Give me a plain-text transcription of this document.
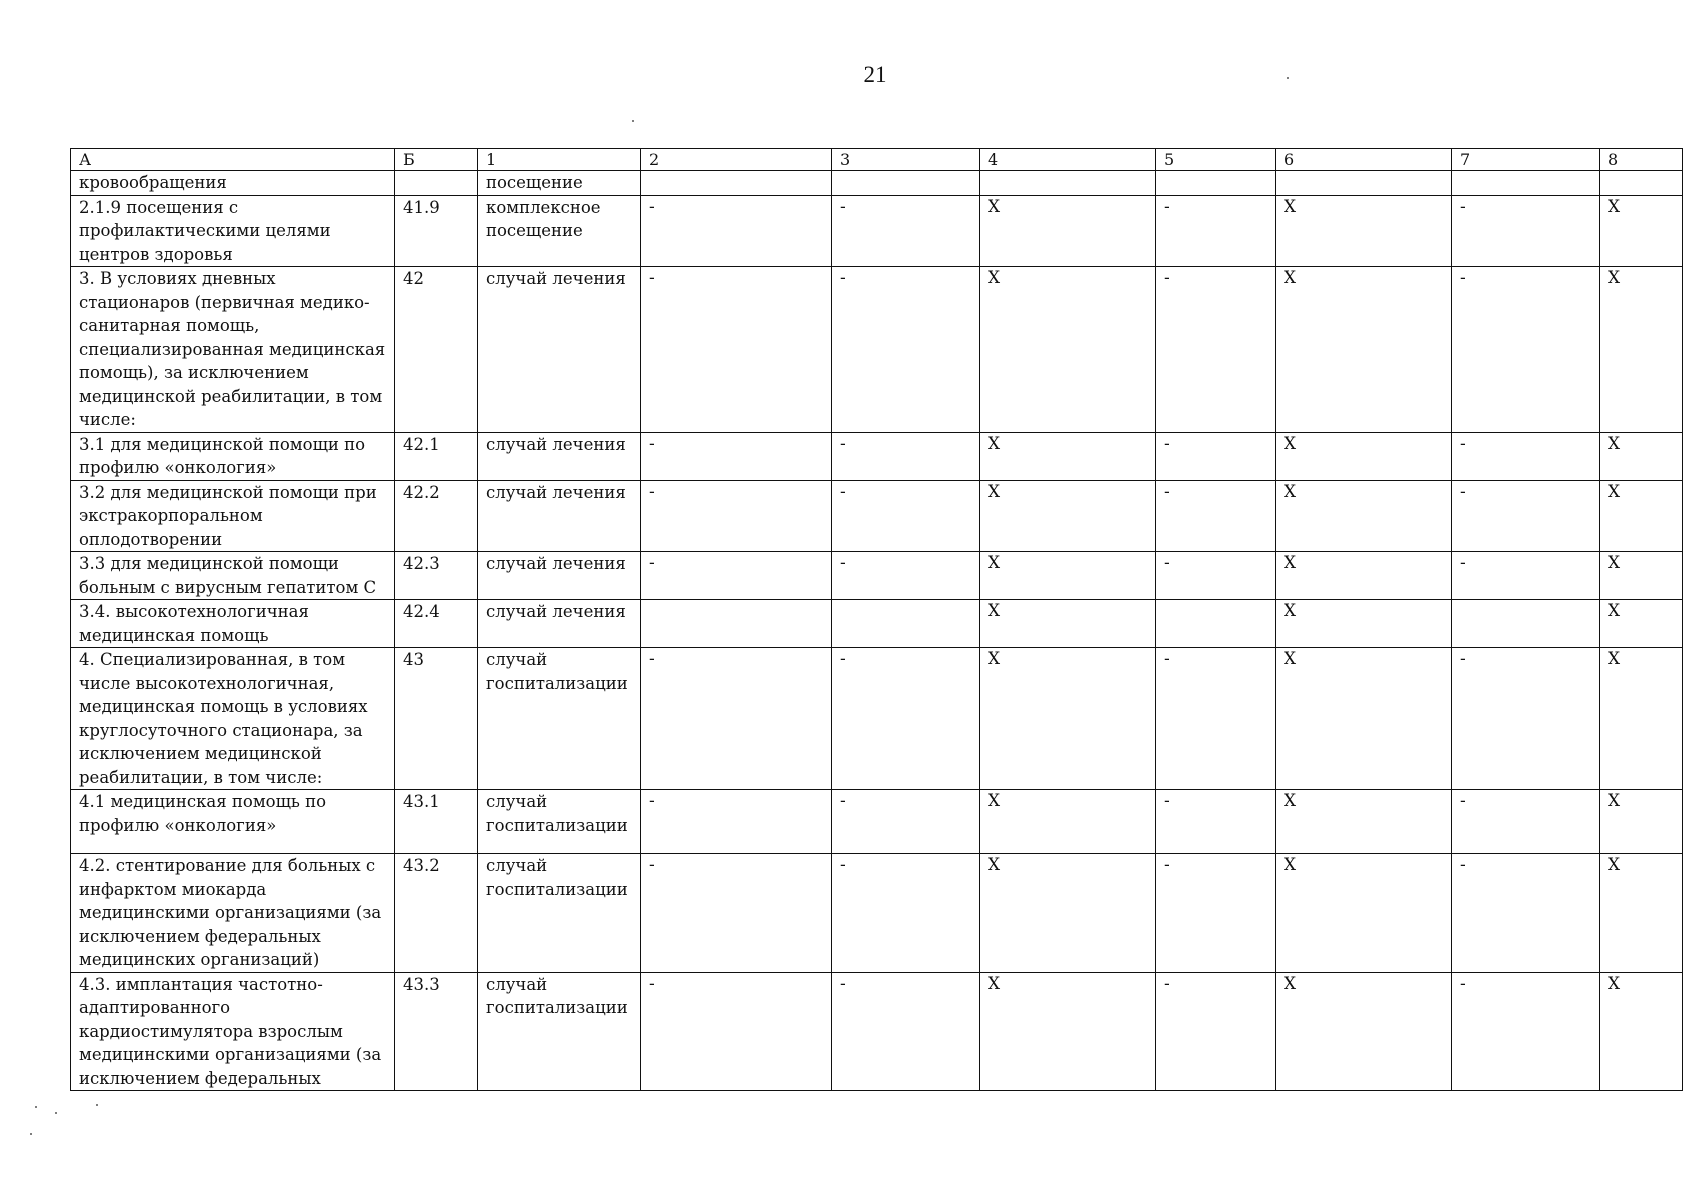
21
А	Б	1	2	3	4	5	6	7	8
кровообращения		посещение							
2.1.9 посещения с профилактическими целями центров здоровья	41.9	комплексное посещение	-	-	Х	-	Х	-	Х
3. В условиях дневных стационаров (первичная медико-санитарная помощь, специализированная медицинская помощь), за исключением медицинской реабилитации, в том числе:	42	случай лечения	-	-	Х	-	Х	-	Х
3.1 для медицинской помощи по профилю «онкология»	42.1	случай лечения	-	-	Х	-	Х	-	Х
3.2 для медицинской помощи при экстракорпоральном оплодотворении	42.2	случай лечения	-	-	Х	-	Х	-	Х
3.3 для медицинской помощи больным с вирусным гепатитом С	42.3	случай лечения	-	-	Х	-	Х	-	Х
3.4. высокотехнологичная медицинская помощь	42.4	случай лечения			Х		Х		Х
4. Специализированная, в том числе высокотехнологичная, медицинская помощь в условиях круглосуточного стационара, за исключением медицинской реабилитации, в том числе:	43	случай госпитализации	-	-	Х	-	Х	-	Х
4.1 медицинская помощь по профилю «онкология»	43.1	случай госпитализации	-	-	Х	-	Х	-	Х
4.2. стентирование для больных с инфарктом миокарда медицинскими организациями (за исключением федеральных медицинских организаций)	43.2	случай госпитализации	-	-	Х	-	Х	-	Х
4.3. имплантация частотно-адаптированного кардиостимулятора взрослым медицинскими организациями (за исключением федеральных	43.3	случай госпитализации	-	-	Х	-	Х	-	Х
